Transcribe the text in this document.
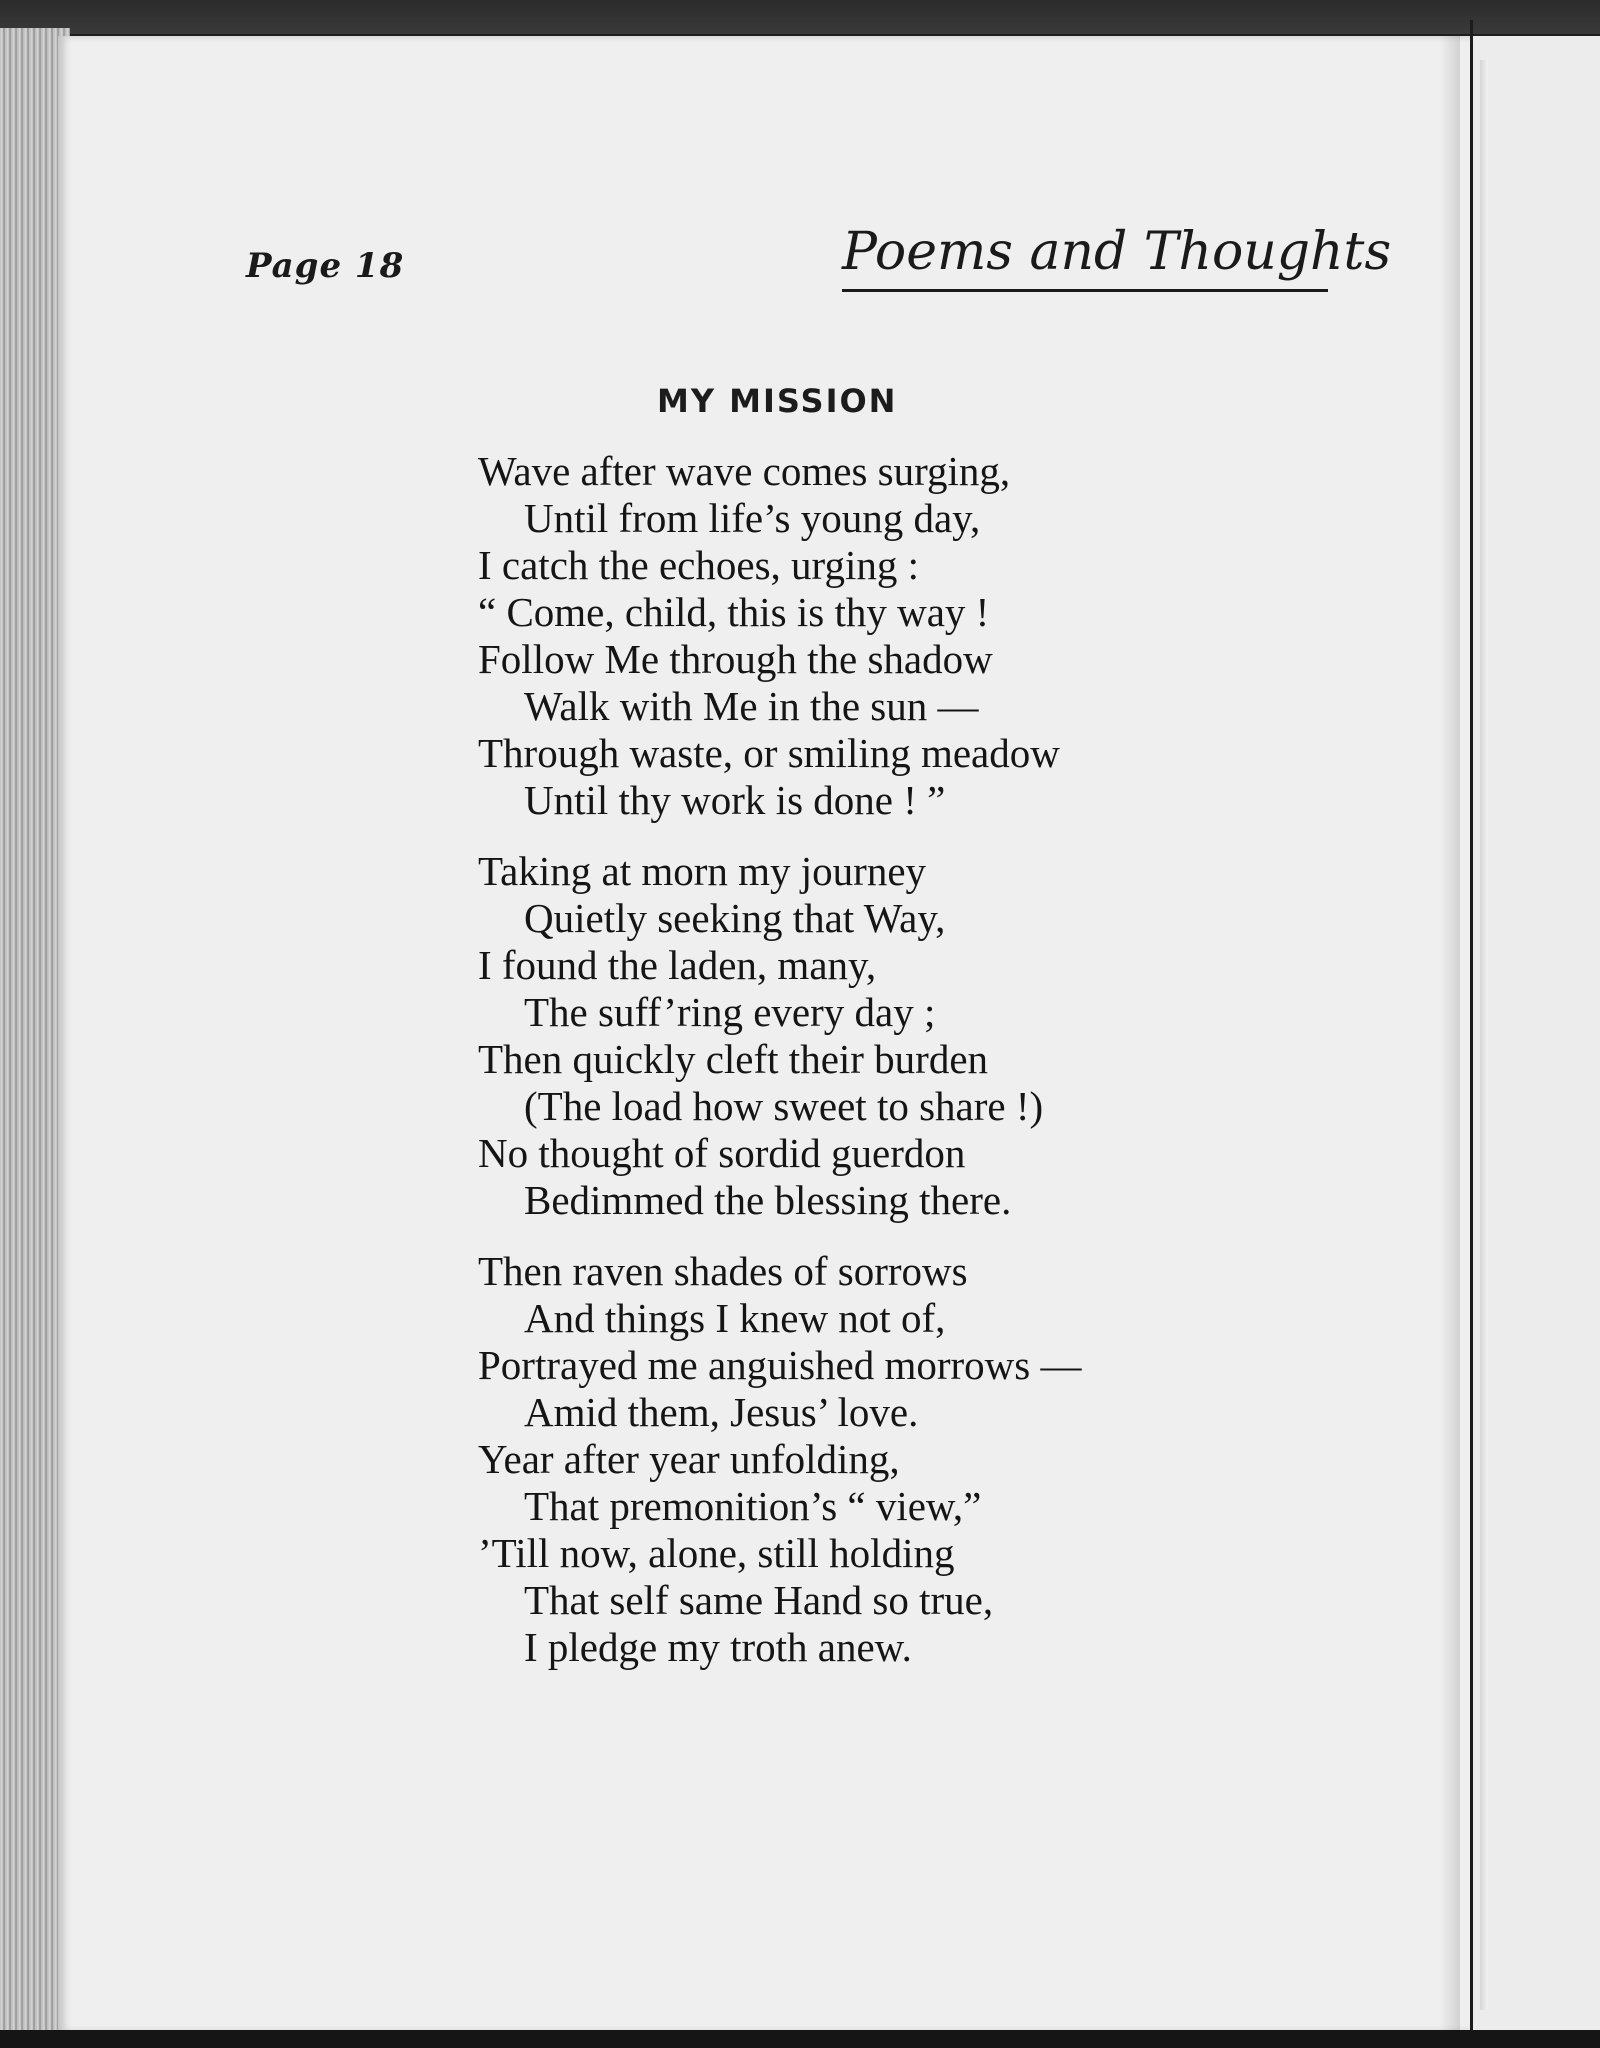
Page 18	Poems and Thoughts
MY MISSION
Wave after wave comes surging,
Until from life’s young day,
I catch the echoes, urging :
“ Come, child, this is thy way !
Follow Me through the shadow
Walk with Me in the sun —
Through waste, or smiling meadow
Until thy work is done ! ”
Taking at morn my journey
Quietly seeking that Way,
I found the laden, many,
The suff’ring every day ;
Then quickly cleft their burden
(The load how sweet to share !)
No thought of sordid guerdon
Bedimmed the blessing there.
Then raven shades of sorrows
And things I knew not of,
Portrayed me anguished morrows —
Amid them, Jesus’ love.
Year after year unfolding,
That premonition’s “ view,”
’Till now, alone, still holding
That self same Hand so true,
I pledge my troth anew.
